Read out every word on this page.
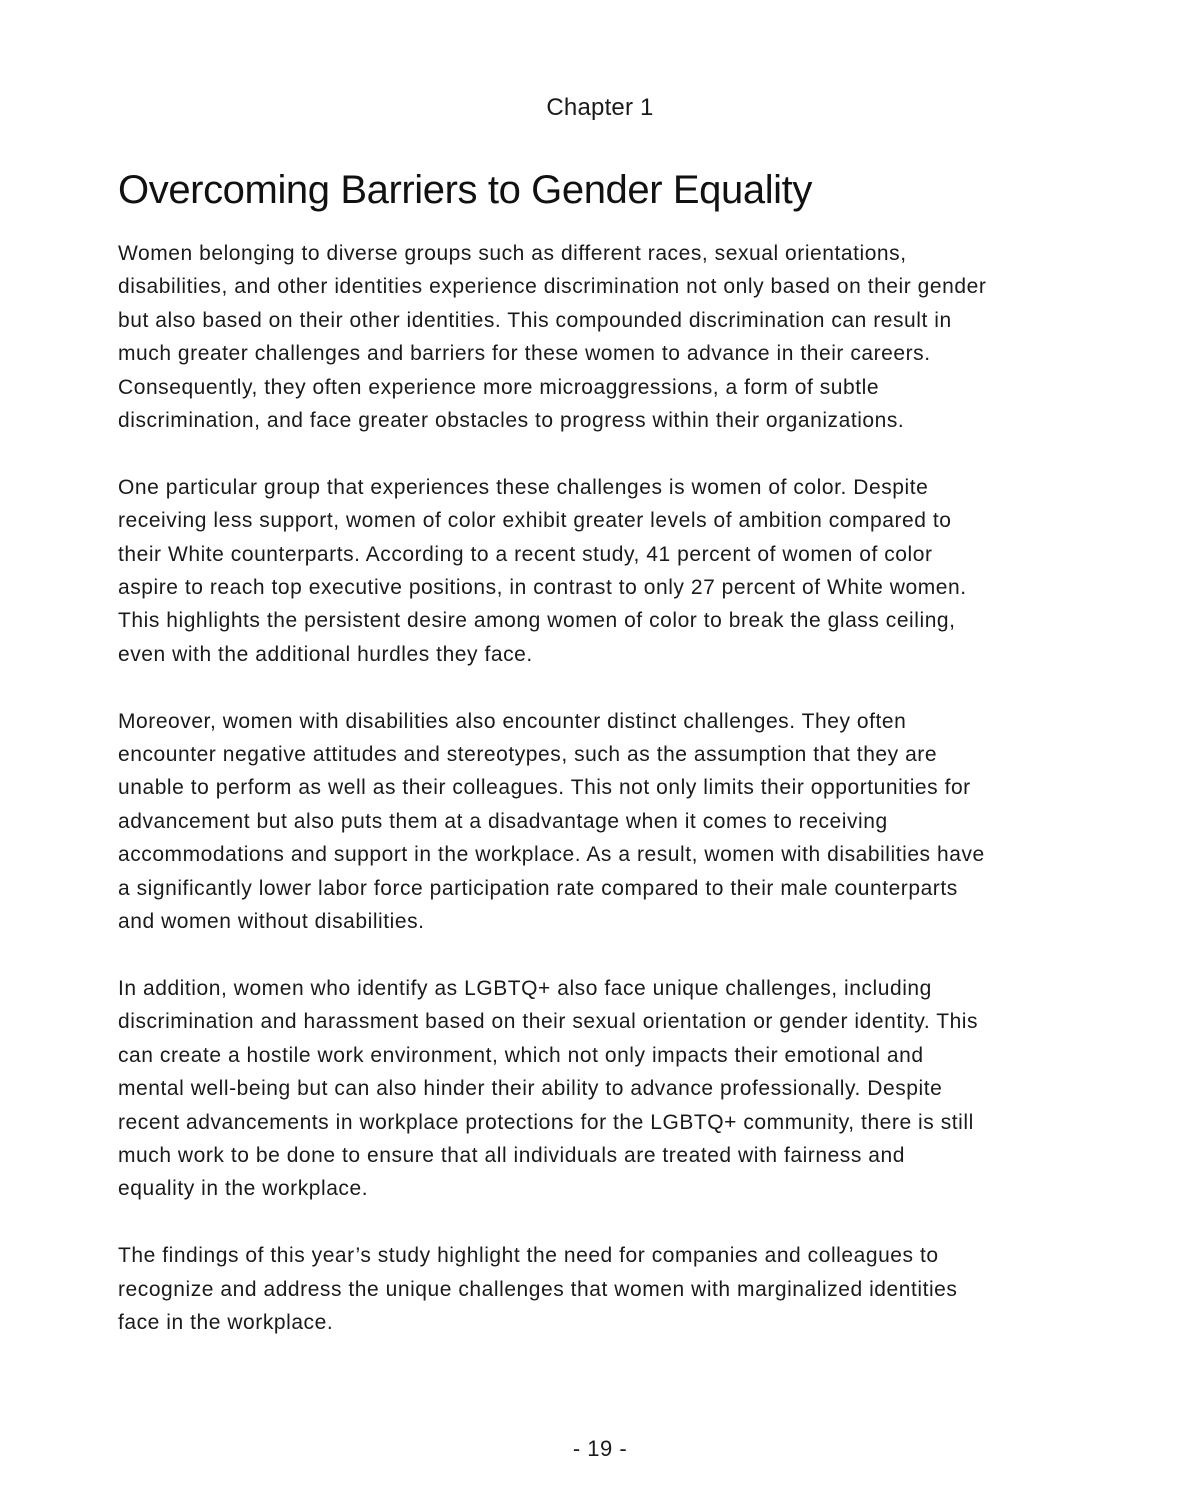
Chapter 1
Overcoming Barriers to Gender Equality

Women belonging to diverse groups such as different races, sexual orientations, disabilities, and other identities experience discrimination not only based on their gender but also based on their other identities. This compounded discrimination can result in much greater challenges and barriers for these women to advance in their careers. Consequently, they often experience more microaggressions, a form of subtle discrimination, and face greater obstacles to progress within their organizations.

One particular group that experiences these challenges is women of color. Despite receiving less support, women of color exhibit greater levels of ambition compared to their White counterparts. According to a recent study, 41 percent of women of color aspire to reach top executive positions, in contrast to only 27 percent of White women. This highlights the persistent desire among women of color to break the glass ceiling, even with the additional hurdles they face.

Moreover, women with disabilities also encounter distinct challenges. They often encounter negative attitudes and stereotypes, such as the assumption that they are unable to perform as well as their colleagues. This not only limits their opportunities for advancement but also puts them at a disadvantage when it comes to receiving accommodations and support in the workplace. As a result, women with disabilities have a significantly lower labor force participation rate compared to their male counterparts and women without disabilities.

In addition, women who identify as LGBTQ+ also face unique challenges, including discrimination and harassment based on their sexual orientation or gender identity. This can create a hostile work environment, which not only impacts their emotional and mental well-being but can also hinder their ability to advance professionally. Despite recent advancements in workplace protections for the LGBTQ+ community, there is still much work to be done to ensure that all individuals are treated with fairness and equality in the workplace.

The findings of this year’s study highlight the need for companies and colleagues to recognize and address the unique challenges that women with marginalized identities face in the workplace.

- 19 -
